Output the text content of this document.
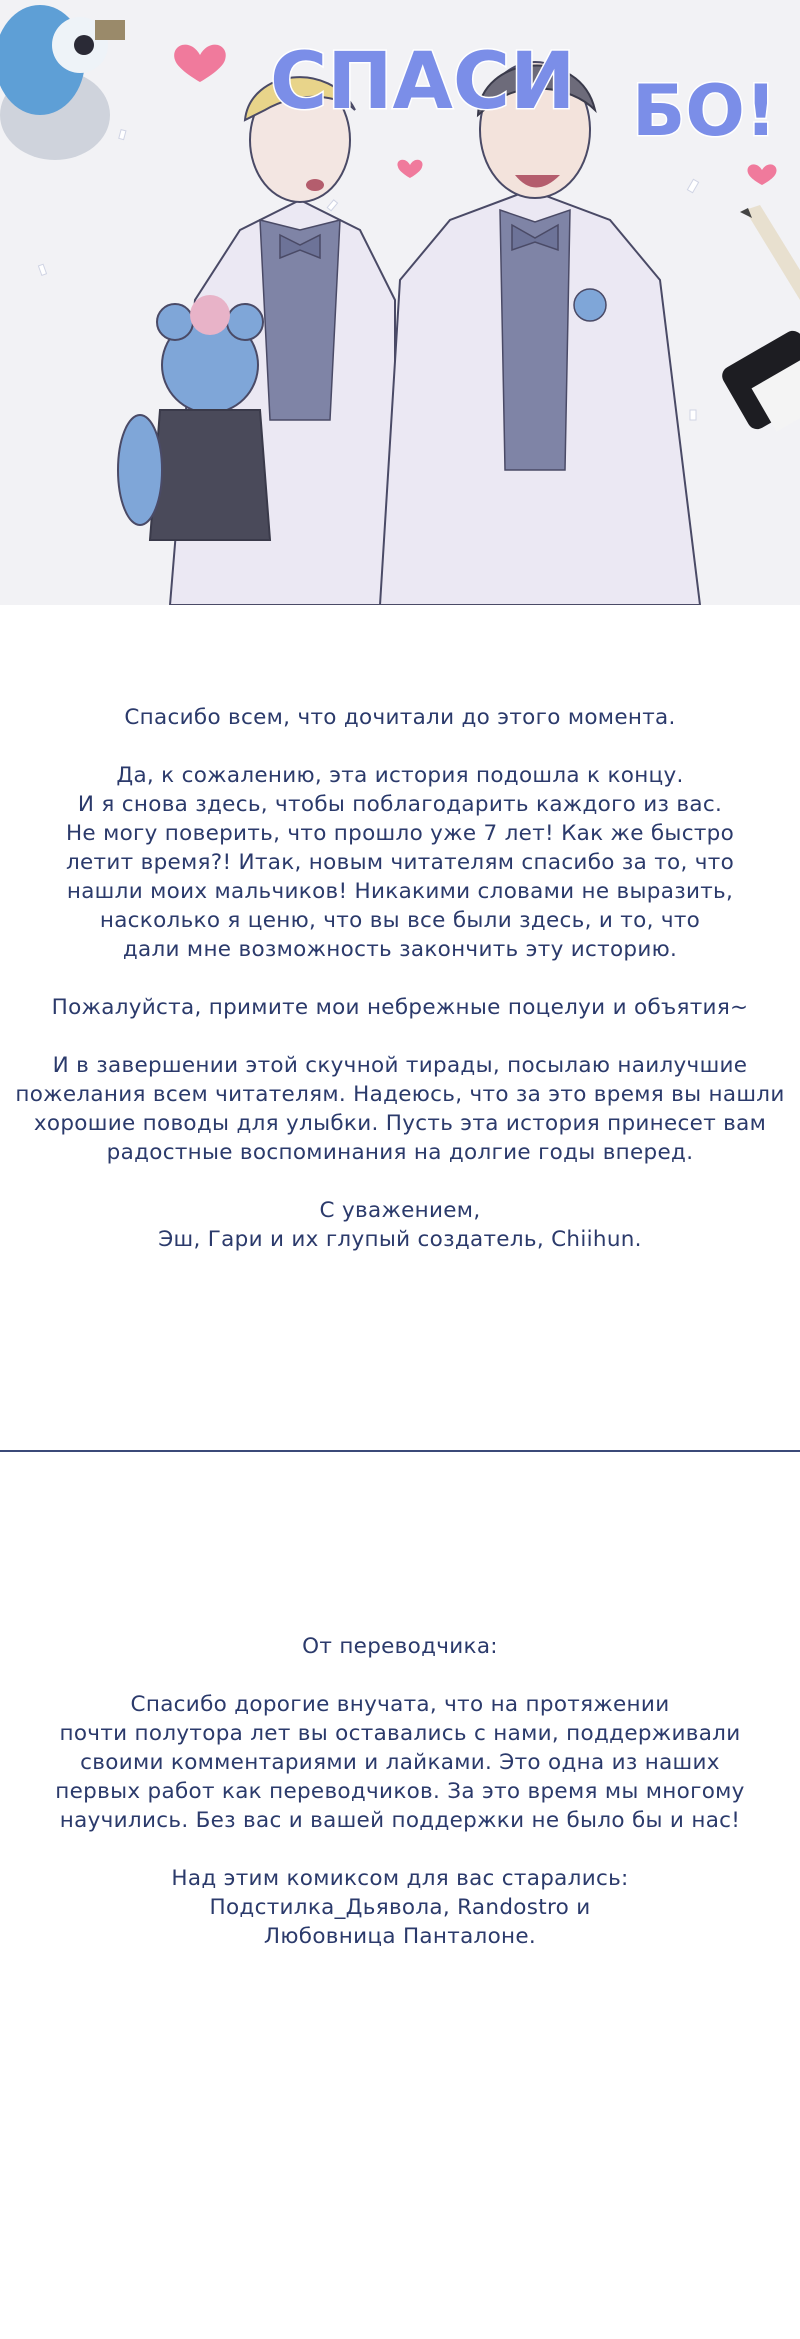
СПАСИ БО!

Спасибо всем, что дочитали до этого момента.

Да, к сожалению, эта история подошла к концу.
И я снова здесь, чтобы поблагодарить каждого из вас.
Не могу поверить, что прошло уже 7 лет! Как же быстро
летит время?! Итак, новым читателям спасибо за то, что
нашли моих мальчиков! Никакими словами не выразить,
насколько я ценю, что вы все были здесь, и то, что
дали мне возможность закончить эту историю.

Пожалуйста, примите мои небрежные поцелуи и объятия~

И в завершении этой скучной тирады, посылаю наилучшие
пожелания всем читателям. Надеюсь, что за это время вы нашли
хорошие поводы для улыбки. Пусть эта история принесет вам
радостные воспоминания на долгие годы вперед.

С уважением,
Эш, Гари и их глупый создатель, Chiihun.

От переводчика:

Спасибо дорогие внучата, что на протяжении
почти полутора лет вы оставались с нами, поддерживали
своими комментариями и лайками. Это одна из наших
первых работ как переводчиков. За это время мы многому
научились. Без вас и вашей поддержки не было бы и нас!

Над этим комиксом для вас старались:
Подстилка_Дьявола, Randostro и
Любовница Панталоне.
